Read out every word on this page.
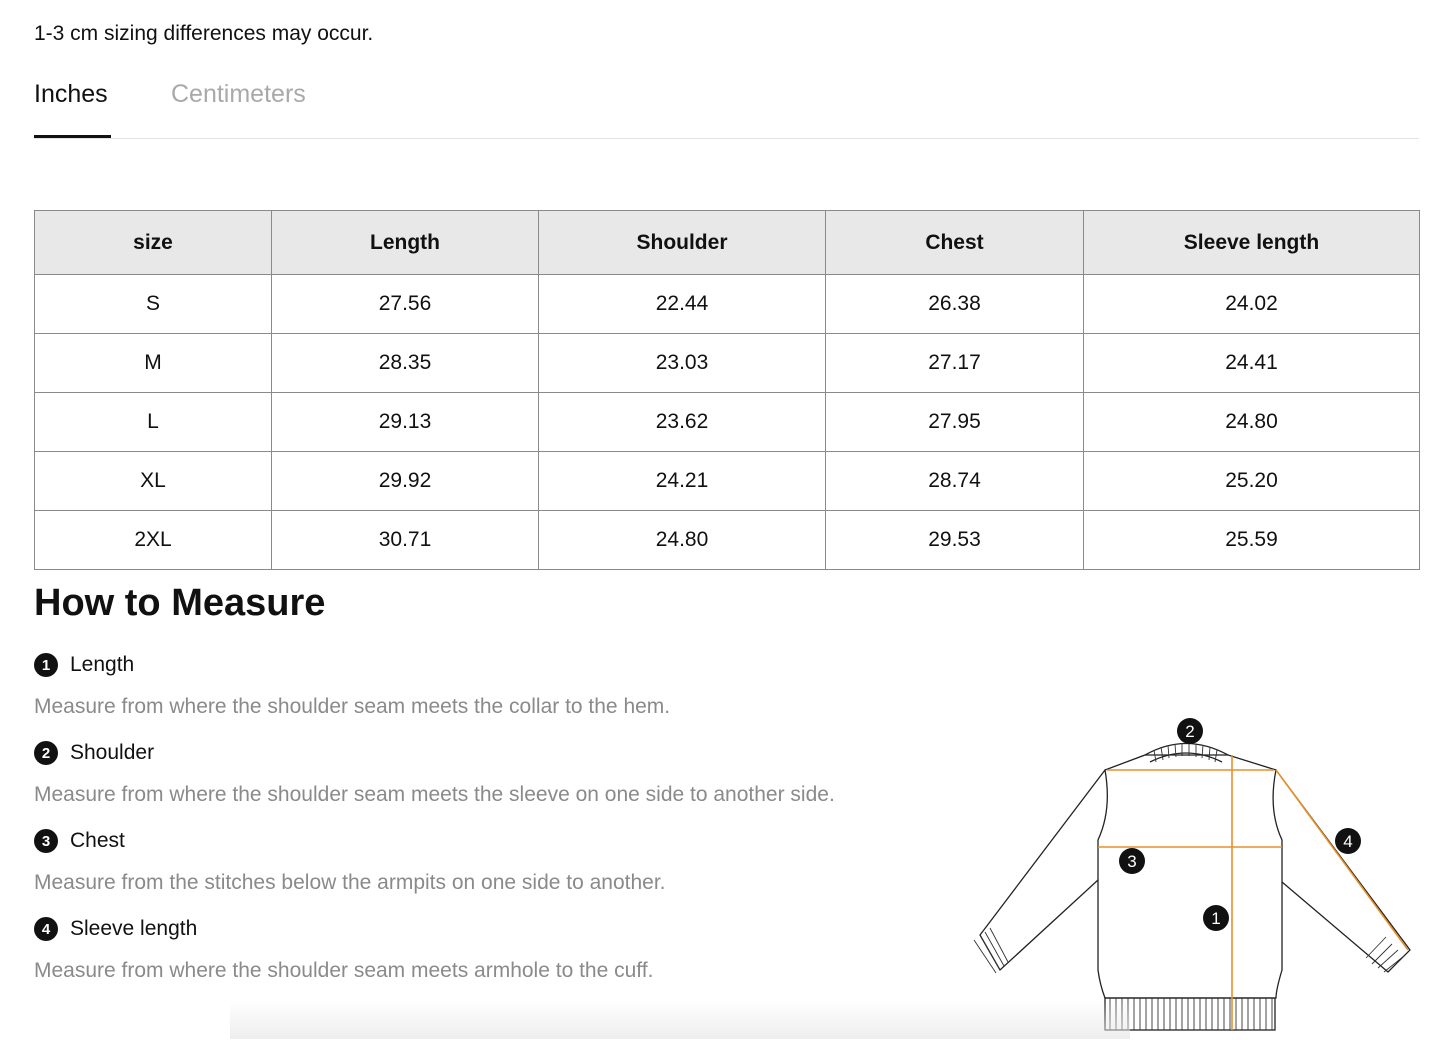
1-3 cm sizing differences may occur.
Inches	Centimeters
size	Length	Shoulder	Chest	Sleeve length
S	27.56	22.44	26.38	24.02
M	28.35	23.03	27.17	24.41
L	29.13	23.62	27.95	24.80
XL	29.92	24.21	28.74	25.20
2XL	30.71	24.80	29.53	25.59
How to Measure
1 Length
Measure from where the shoulder seam meets the collar to the hem.
2 Shoulder
Measure from where the shoulder seam meets the sleeve on one side to another side.
3 Chest
Measure from the stitches below the armpits on one side to another.
4 Sleeve length
Measure from where the shoulder seam meets armhole to the cuff.
2
3
1
4
